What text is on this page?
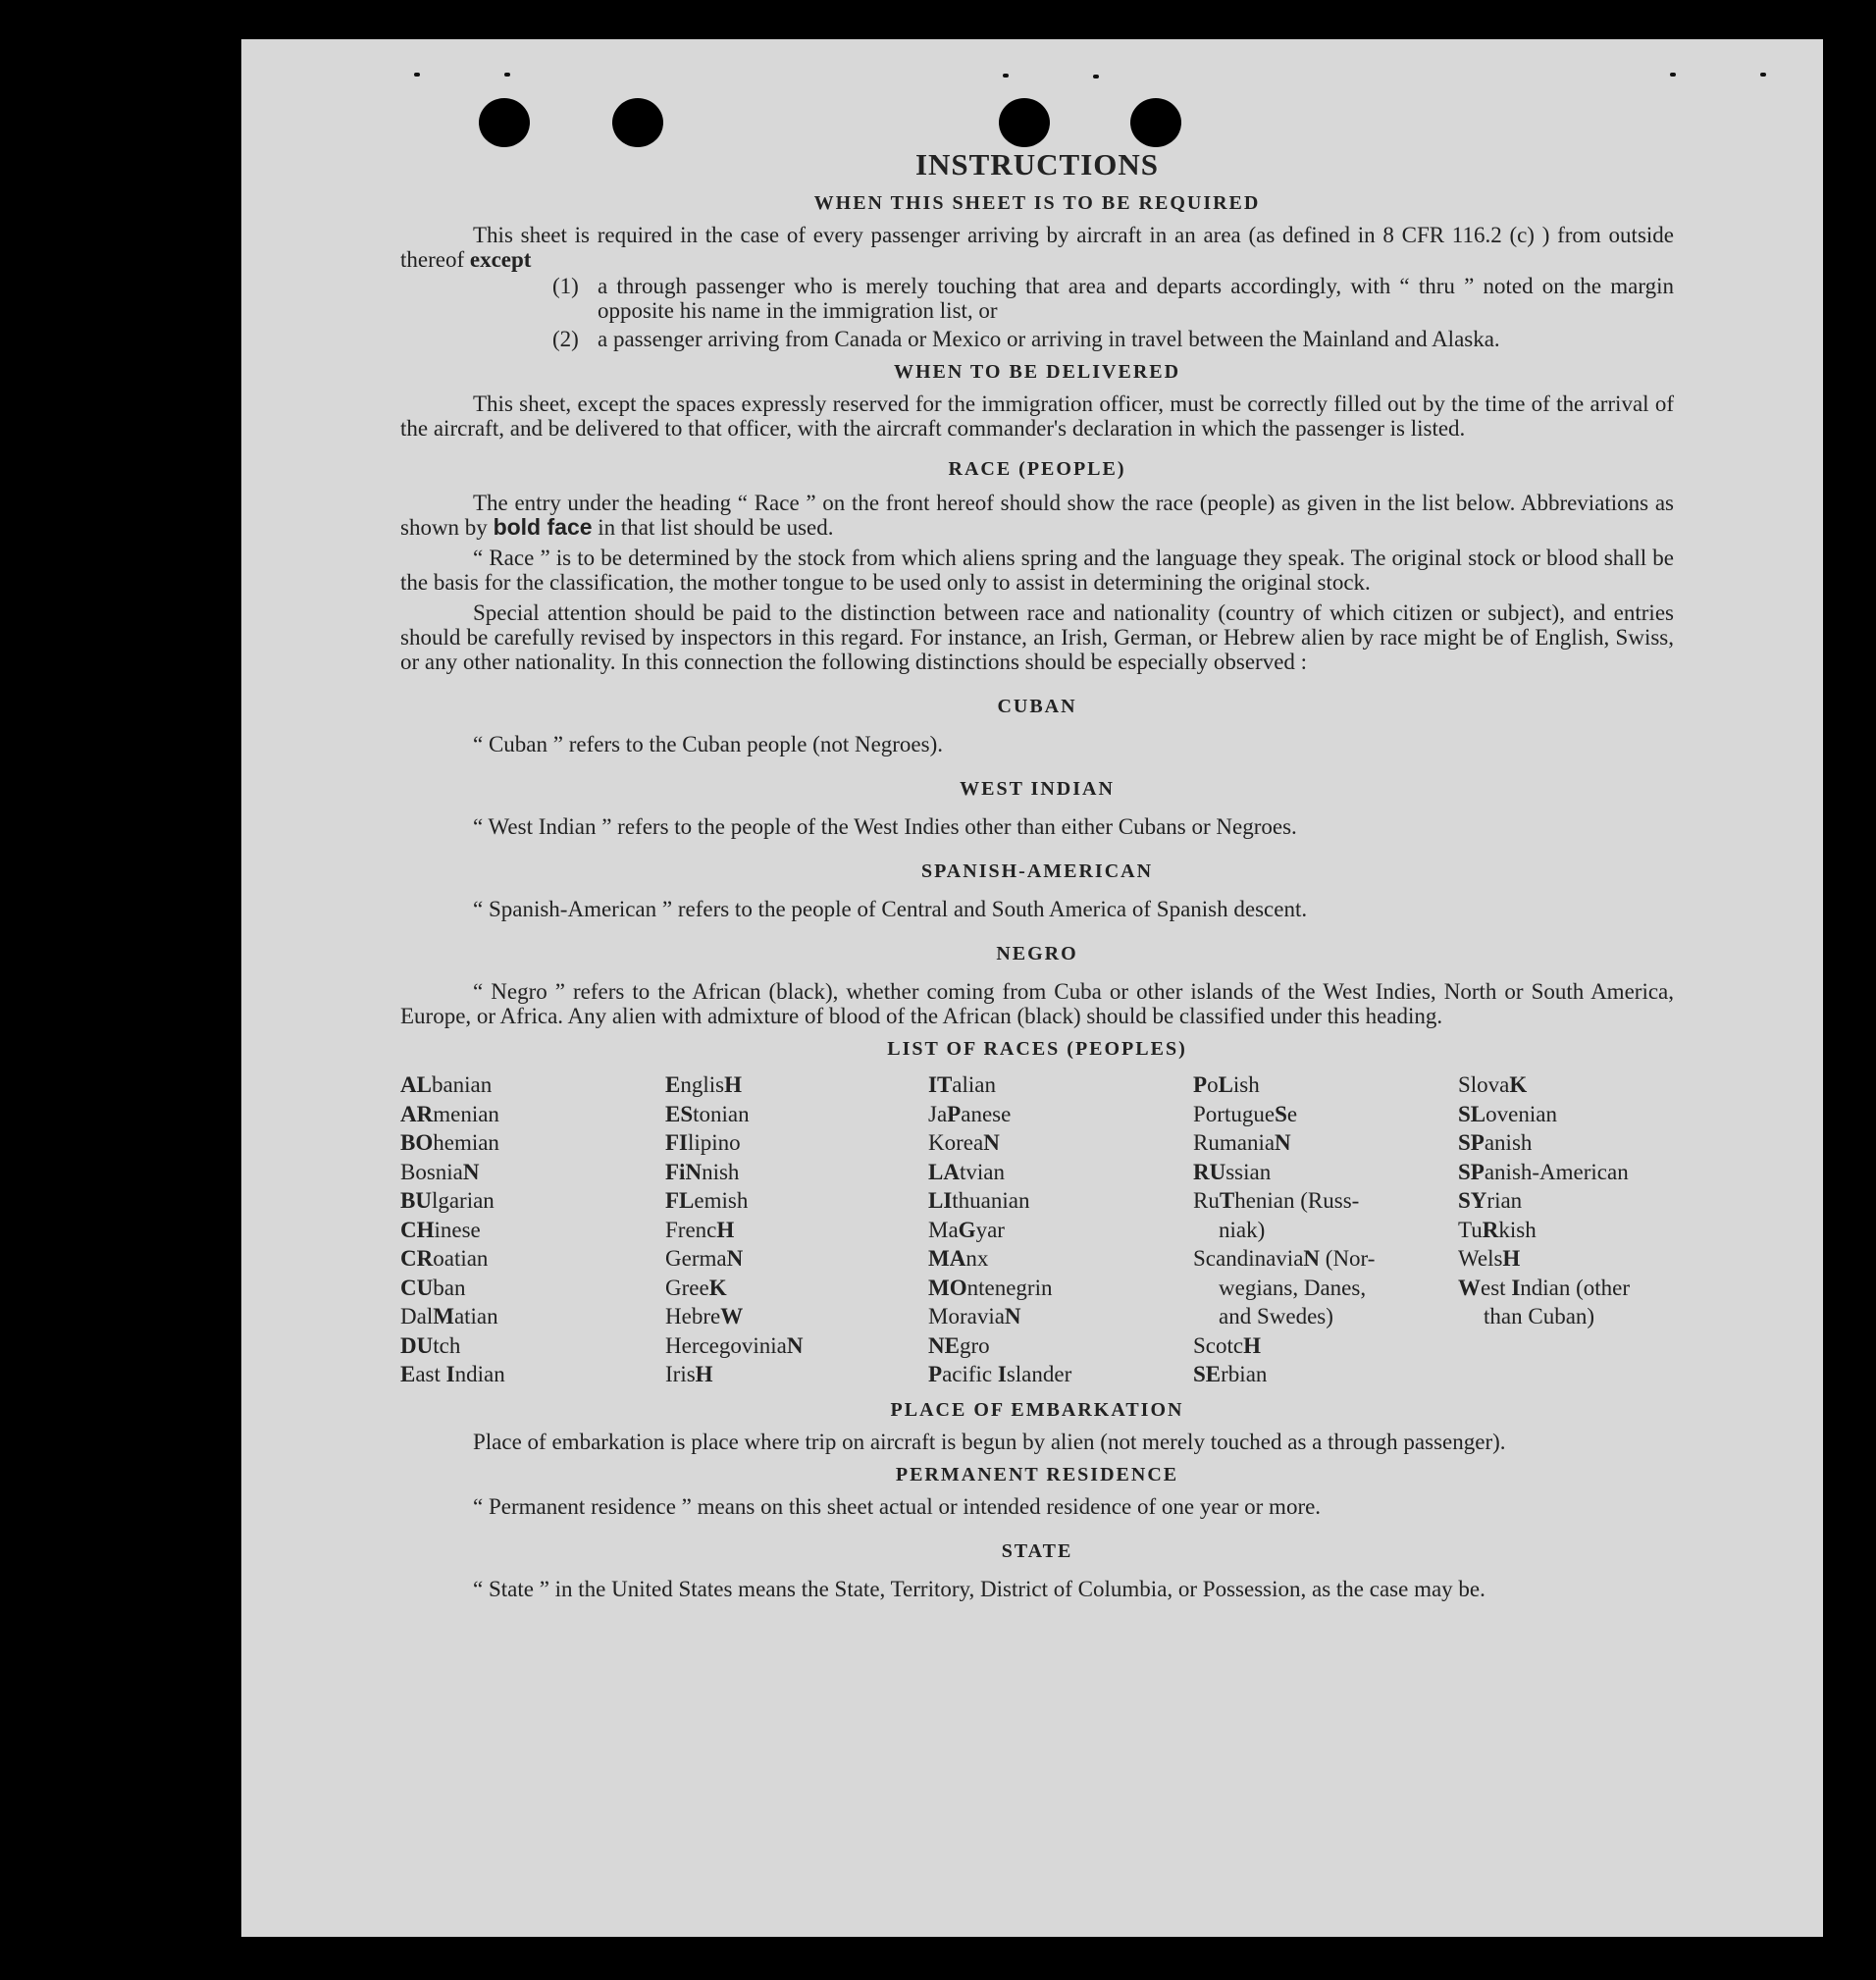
INSTRUCTIONS
WHEN THIS SHEET IS TO BE REQUIRED

This sheet is required in the case of every passenger arriving by aircraft in an area (as defined in 8 CFR 116.2 (c) ) from outside thereof except

(1) a through passenger who is merely touching that area and departs accordingly, with “ thru ” noted on the margin opposite his name in the immigration list, or
(2) a passenger arriving from Canada or Mexico or arriving in travel between the Mainland and Alaska.
WHEN TO BE DELIVERED

This sheet, except the spaces expressly reserved for the immigration officer, must be correctly filled out by the time of the arrival of the aircraft, and be delivered to that officer, with the aircraft commander's declaration in which the passenger is listed.

RACE (PEOPLE)

The entry under the heading “ Race ” on the front hereof should show the race (people) as given in the list below. Abbreviations as shown by bold face in that list should be used.

“ Race ” is to be determined by the stock from which aliens spring and the language they speak. The original stock or blood shall be the basis for the classification, the mother tongue to be used only to assist in determining the original stock.

Special attention should be paid to the distinction between race and nationality (country of which citizen or subject), and entries should be carefully revised by inspectors in this regard. For instance, an Irish, German, or Hebrew alien by race might be of English, Swiss, or any other nationality. In this connection the following distinctions should be especially observed :

CUBAN
“ Cuban ” refers to the Cuban people (not Negroes).
WEST INDIAN
“ West Indian ” refers to the people of the West Indies other than either Cubans or Negroes.
SPANISH-AMERICAN
“ Spanish-American ” refers to the people of Central and South America of Spanish descent.
NEGRO

“ Negro ” refers to the African (black), whether coming from Cuba or other islands of the West Indies, North or South America, Europe, or Africa. Any alien with admixture of blood of the African (black) should be classified under this heading.

LIST OF RACES (PEOPLES)
ALbanian
ARmenian
BOhemian
BosniaN
BUlgarian
CHinese
CRoatian
CUban
DalMatian
DUtch
East Indian
EnglisH
EStonian
FIlipino
FiNnish
FLemish
FrencH
GermaN
GreeK
HebreW
HercegoviniaN
IrisH
ITalian
JaPanese
KoreaN
LAtvian
LIthuanian
MaGyar
MAnx
MOntenegrin
MoraviaN
NEgro
Pacific Islander
PoLish
PortugueSe
RumaniaN
RUssian
RuThenian (Russ-
niak)
ScandinaviaN (Nor-
wegians, Danes,
and Swedes)
ScotcH
SErbian
SlovaK
SLovenian
SPanish
SPanish-American
SYrian
TuRkish
WelsH
West Indian (other
than Cuban)
PLACE OF EMBARKATION

Place of embarkation is place where trip on aircraft is begun by alien (not merely touched as a through passenger).

PERMANENT RESIDENCE
“ Permanent residence ” means on this sheet actual or intended residence of one year or more.
STATE

“ State ” in the United States means the State, Territory, District of Columbia, or Possession, as the case may be.
